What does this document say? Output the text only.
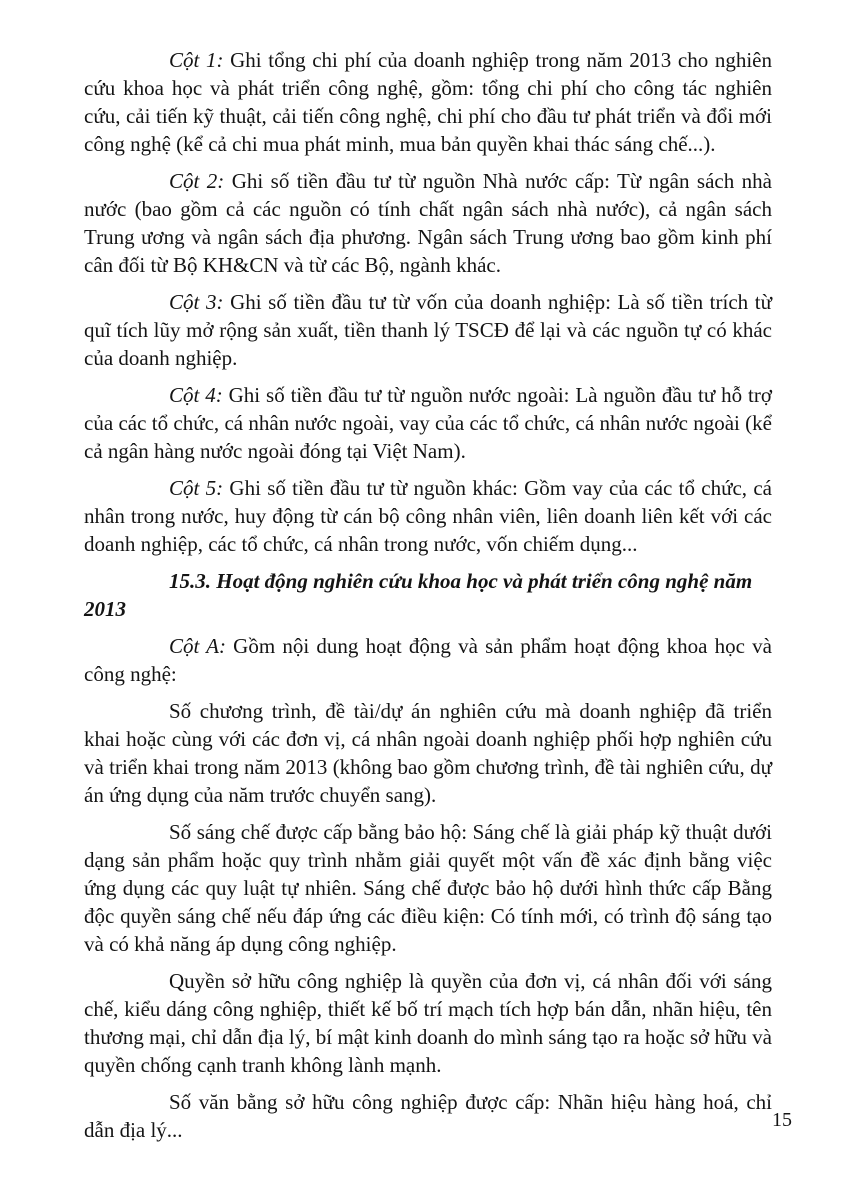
Cột 1: Ghi tổng chi phí của doanh nghiệp trong năm 2013 cho nghiên cứu khoa học và phát triển công nghệ, gồm: tổng chi phí cho công tác nghiên cứu, cải tiến kỹ thuật, cải tiến công nghệ, chi phí cho đầu tư phát triển và đổi mới công nghệ (kể cả chi mua phát minh, mua bản quyền khai thác sáng chế...).

Cột 2: Ghi số tiền đầu tư từ nguồn Nhà nước cấp: Từ ngân sách nhà nước (bao gồm cả các nguồn có tính chất ngân sách nhà nước), cả ngân sách Trung ương và ngân sách địa phương. Ngân sách Trung ương bao gồm kinh phí cân đối từ Bộ KH&CN và từ các Bộ, ngành khác.

Cột 3: Ghi số tiền đầu tư từ vốn của doanh nghiệp: Là số tiền trích từ quĩ tích lũy mở rộng sản xuất, tiền thanh lý TSCĐ để lại và các nguồn tự có khác của doanh nghiệp.

Cột 4: Ghi số tiền đầu tư từ nguồn nước ngoài: Là nguồn đầu tư hỗ trợ của các tổ chức, cá nhân nước ngoài, vay của các tổ chức, cá nhân nước ngoài (kể cả ngân hàng nước ngoài đóng tại Việt Nam).

Cột 5: Ghi số tiền đầu tư từ nguồn khác: Gồm vay của các tổ chức, cá nhân trong nước, huy động từ cán bộ công nhân viên, liên doanh liên kết với các doanh nghiệp, các tổ chức, cá nhân trong nước, vốn chiếm dụng...

15.3. Hoạt động nghiên cứu khoa học và phát triển công nghệ năm 2013

Cột A: Gồm nội dung hoạt động và sản phẩm hoạt động khoa học và công nghệ:

Số chương trình, đề tài/dự án nghiên cứu mà doanh nghiệp đã triển khai hoặc cùng với các đơn vị, cá nhân ngoài doanh nghiệp phối hợp nghiên cứu và triển khai trong năm 2013 (không bao gồm chương trình, đề tài nghiên cứu, dự án ứng dụng của năm trước chuyển sang).

Số sáng chế được cấp bằng bảo hộ: Sáng chế là giải pháp kỹ thuật dưới dạng sản phẩm hoặc quy trình nhằm giải quyết một vấn đề xác định bằng việc ứng dụng các quy luật tự nhiên. Sáng chế được bảo hộ dưới hình thức cấp Bằng độc quyền sáng chế nếu đáp ứng các điều kiện: Có tính mới, có trình độ sáng tạo và có khả năng áp dụng công nghiệp.

Quyền sở hữu công nghiệp là quyền của đơn vị, cá nhân đối với sáng chế, kiểu dáng công nghiệp, thiết kế bố trí mạch tích hợp bán dẫn, nhãn hiệu, tên thương mại, chỉ dẫn địa lý, bí mật kinh doanh do mình sáng tạo ra hoặc sở hữu và quyền chống cạnh tranh không lành mạnh.

Số văn bằng sở hữu công nghiệp được cấp: Nhãn hiệu hàng hoá, chỉ dẫn địa lý...	15
